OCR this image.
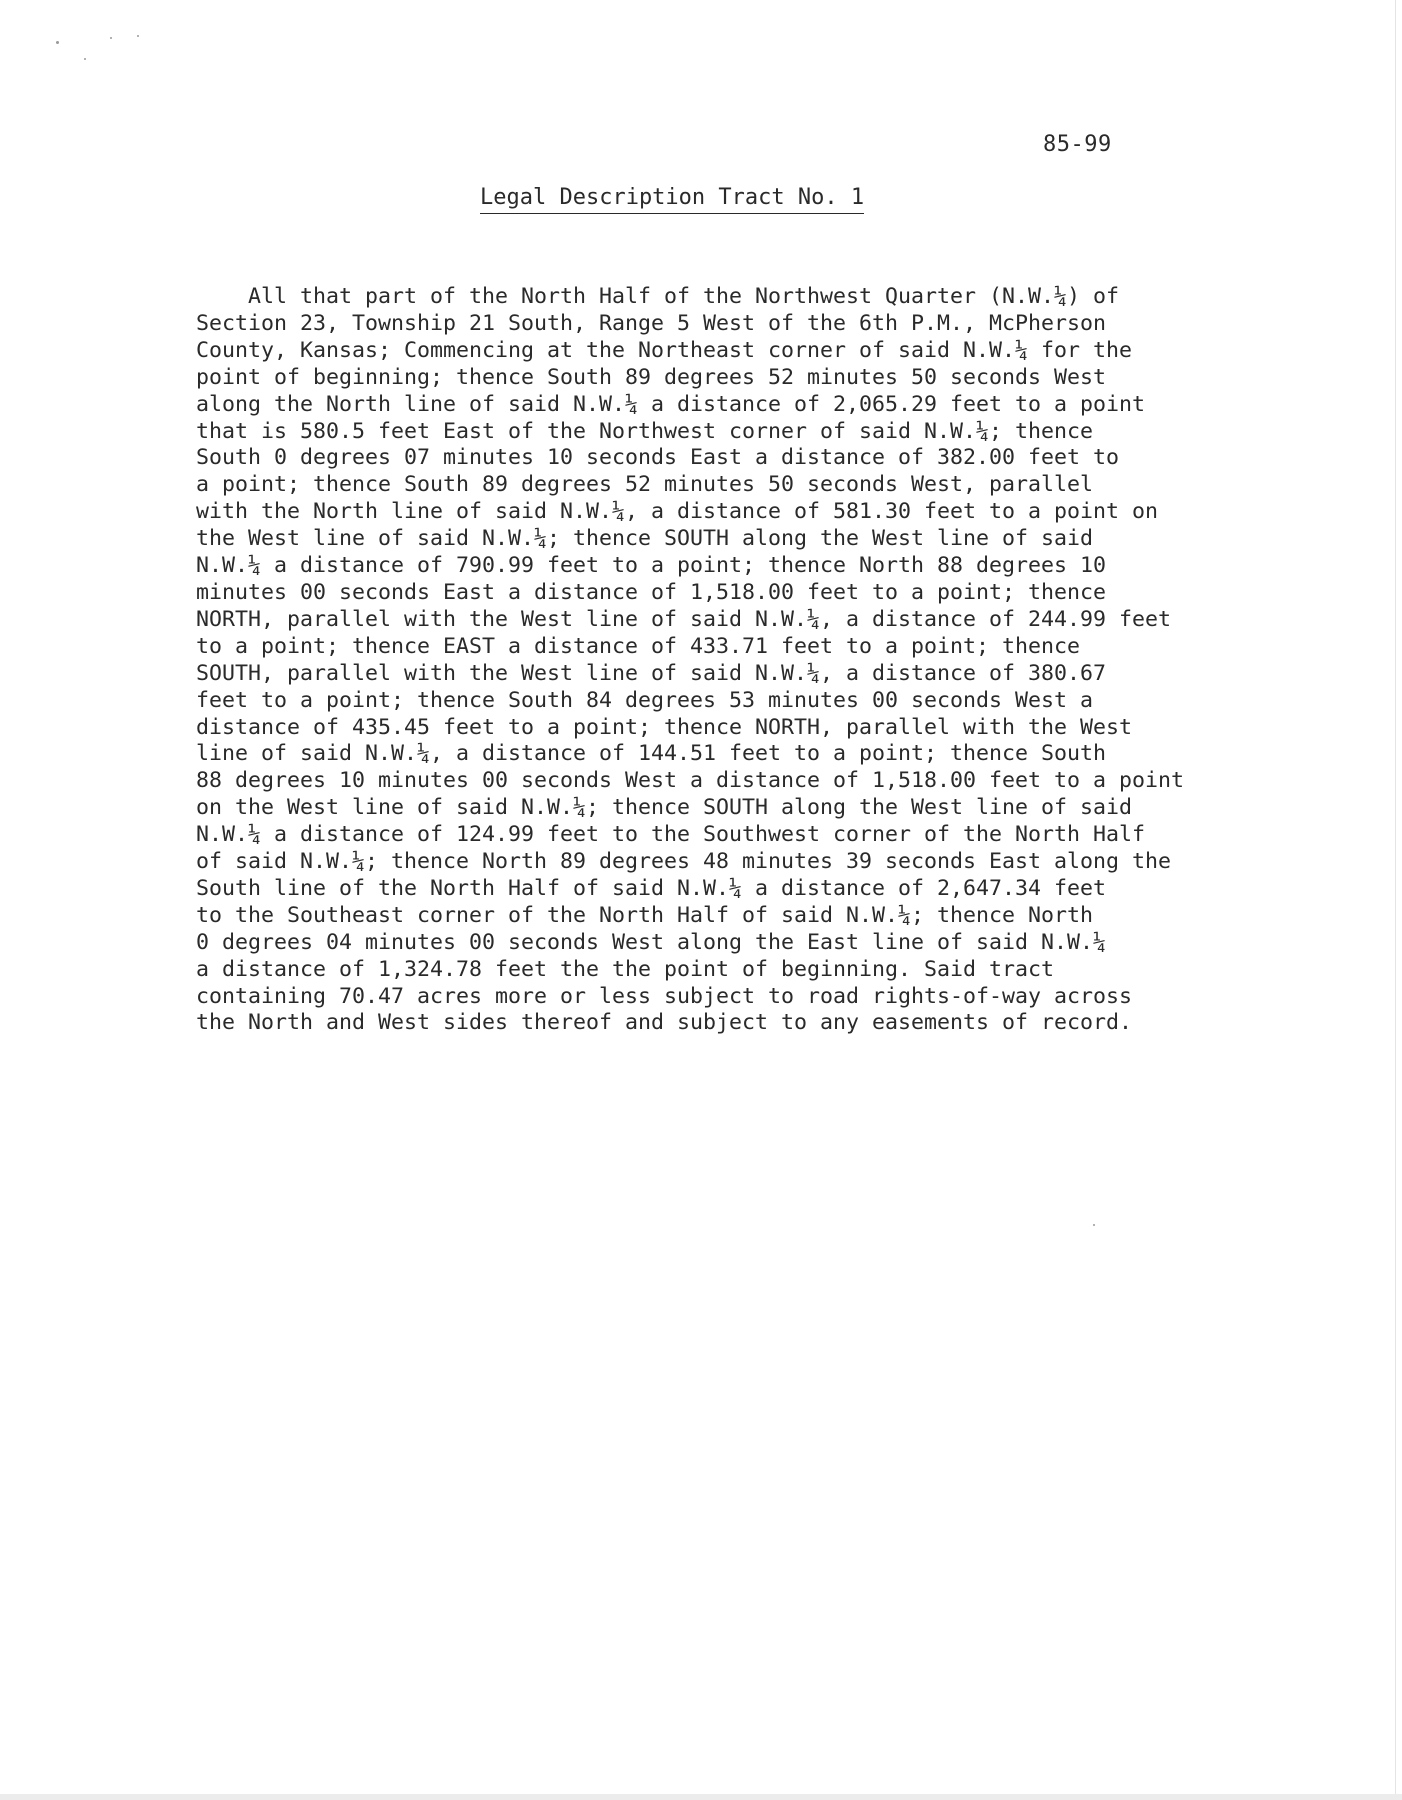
85-99
Legal Description Tract No. 1
All that part of the North Half of the Northwest Quarter (N.W.¼) of
Section 23, Township 21 South, Range 5 West of the 6th P.M., McPherson
County, Kansas; Commencing at the Northeast corner of said N.W.¼ for the
point of beginning; thence South 89 degrees 52 minutes 50 seconds West
along the North line of said N.W.¼ a distance of 2,065.29 feet to a point
that is 580.5 feet East of the Northwest corner of said N.W.¼; thence
South 0 degrees 07 minutes 10 seconds East a distance of 382.00 feet to
a point; thence South 89 degrees 52 minutes 50 seconds West, parallel
with the North line of said N.W.¼, a distance of 581.30 feet to a point on
the West line of said N.W.¼; thence SOUTH along the West line of said
N.W.¼ a distance of 790.99 feet to a point; thence North 88 degrees 10
minutes 00 seconds East a distance of 1,518.00 feet to a point; thence
NORTH, parallel with the West line of said N.W.¼, a distance of 244.99 feet
to a point; thence EAST a distance of 433.71 feet to a point; thence
SOUTH, parallel with the West line of said N.W.¼, a distance of 380.67
feet to a point; thence South 84 degrees 53 minutes 00 seconds West a
distance of 435.45 feet to a point; thence NORTH, parallel with the West
line of said N.W.¼, a distance of 144.51 feet to a point; thence South
88 degrees 10 minutes 00 seconds West a distance of 1,518.00 feet to a point
on the West line of said N.W.¼; thence SOUTH along the West line of said
N.W.¼ a distance of 124.99 feet to the Southwest corner of the North Half
of said N.W.¼; thence North 89 degrees 48 minutes 39 seconds East along the
South line of the North Half of said N.W.¼ a distance of 2,647.34 feet
to the Southeast corner of the North Half of said N.W.¼; thence North
0 degrees 04 minutes 00 seconds West along the East line of said N.W.¼
a distance of 1,324.78 feet the the point of beginning. Said tract
containing 70.47 acres more or less subject to road rights-of-way across
the North and West sides thereof and subject to any easements of record.
